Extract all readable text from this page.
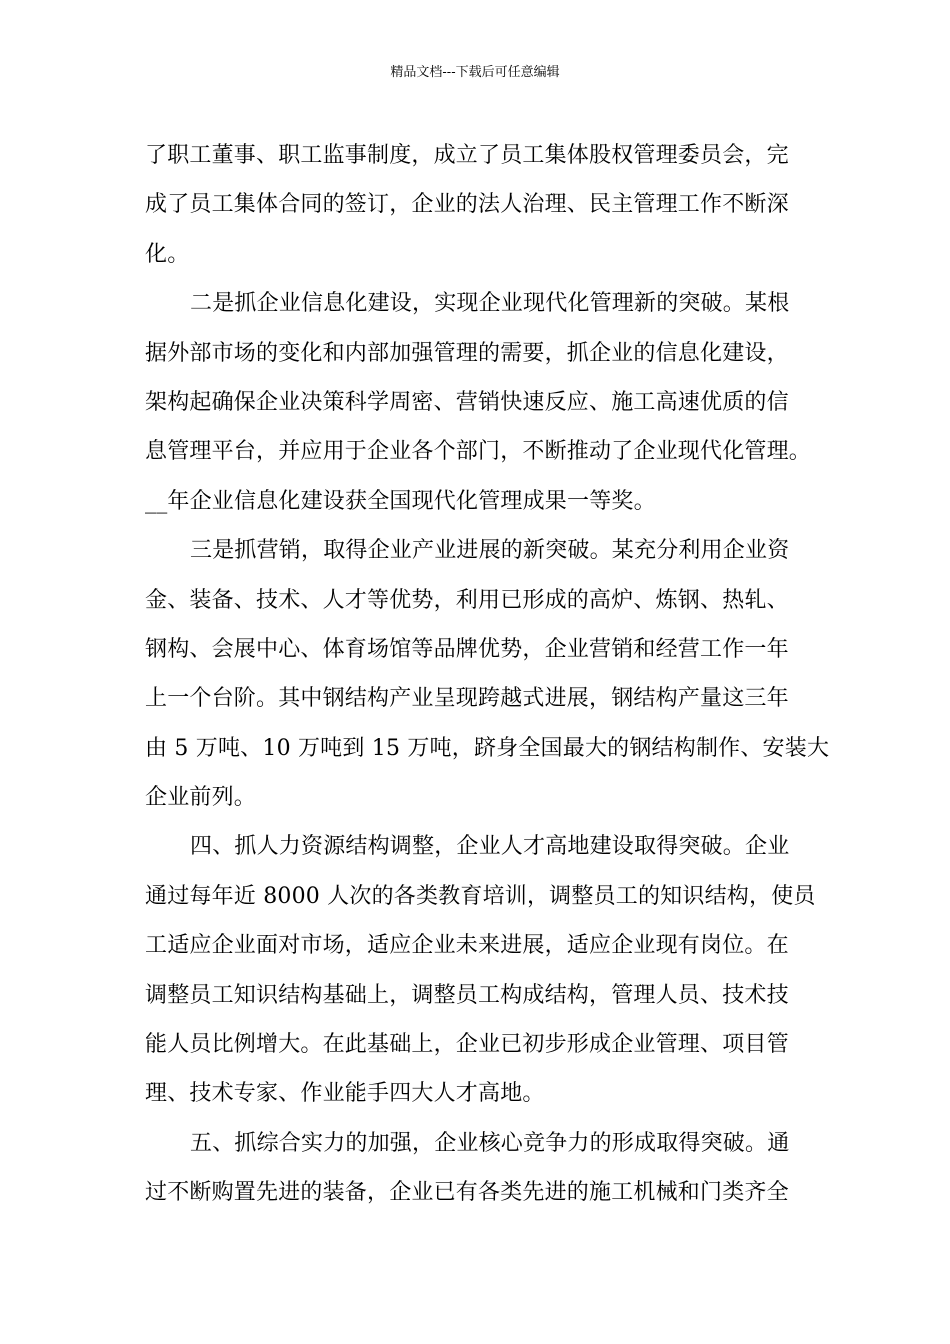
精品文档---下载后可任意编辑
了职工董事、职工监事制度，成立了员工集体股权管理委员会，完
成了员工集体合同的签订，企业的法人治理、民主管理工作不断深
化。
二是抓企业信息化建设，实现企业现代化管理新的突破。某根
据外部市场的变化和内部加强管理的需要，抓企业的信息化建设，
架构起确保企业决策科学周密、营销快速反应、施工高速优质的信
息管理平台，并应用于企业各个部门，不断推动了企业现代化管理。
__年企业信息化建设获全国现代化管理成果一等奖。
三是抓营销，取得企业产业进展的新突破。某充分利用企业资
金、装备、技术、人才等优势，利用已形成的高炉、炼钢、热轧、
钢构、会展中心、体育场馆等品牌优势，企业营销和经营工作一年
上一个台阶。其中钢结构产业呈现跨越式进展，钢结构产量这三年
由 5 万吨、10 万吨到 15 万吨，跻身全国最大的钢结构制作、安装大
企业前列。
四、抓人力资源结构调整，企业人才高地建设取得突破。企业
通过每年近 8000 人次的各类教育培训，调整员工的知识结构，使员
工适应企业面对市场，适应企业未来进展，适应企业现有岗位。在
调整员工知识结构基础上，调整员工构成结构，管理人员、技术技
能人员比例增大。在此基础上，企业已初步形成企业管理、项目管
理、技术专家、作业能手四大人才高地。
五、抓综合实力的加强，企业核心竞争力的形成取得突破。通
过不断购置先进的装备，企业已有各类先进的施工机械和门类齐全
